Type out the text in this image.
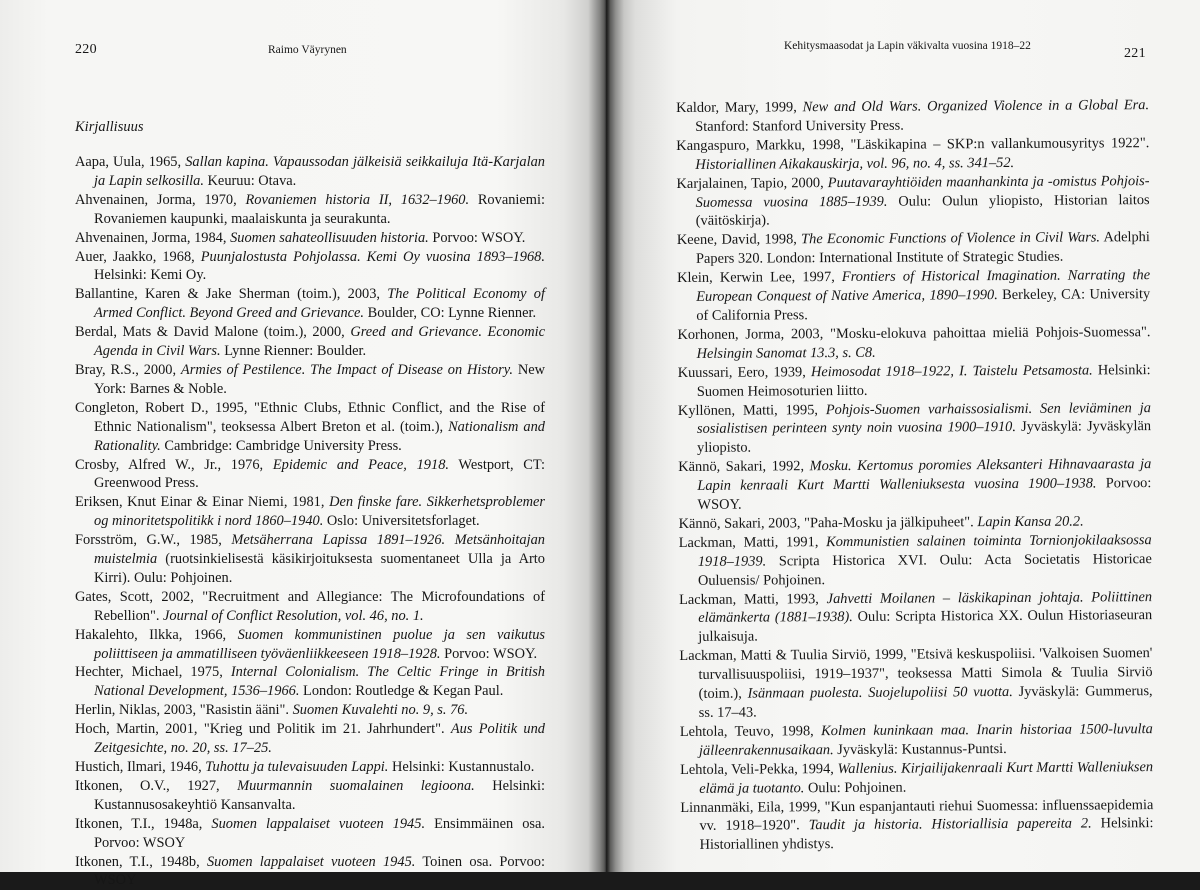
220	Raimo Väyrynen
Kirjallisuus

Aapa, Uula, 1965, Sallan kapina. Vapaussodan jälkeisiä seikkailuja Itä-Karjalan ja Lapin selkosilla. Keuruu: Otava.

Ahvenainen, Jorma, 1970, Rovaniemen historia II, 1632–1960. Rovaniemi: Rovaniemen kaupunki, maalaiskunta ja seurakunta.

Ahvenainen, Jorma, 1984, Suomen sahateollisuuden historia. Porvoo: WSOY.

Auer, Jaakko, 1968, Puunjalostusta Pohjolassa. Kemi Oy vuosina 1893–1968. Helsinki: Kemi Oy.

Ballantine, Karen & Jake Sherman (toim.), 2003, The Political Economy of Armed Conflict. Beyond Greed and Grievance. Boulder, CO: Lynne Rienner.

Berdal, Mats & David Malone (toim.), 2000, Greed and Grievance. Economic Agenda in Civil Wars. Lynne Rienner: Boulder.

Bray, R.S., 2000, Armies of Pestilence. The Impact of Disease on History. New York: Barnes & Noble.

Congleton, Robert D., 1995, "Ethnic Clubs, Ethnic Conflict, and the Rise of Ethnic Nationalism", teoksessa Albert Breton et al. (toim.), Nationalism and Rationality. Cambridge: Cambridge University Press.

Crosby, Alfred W., Jr., 1976, Epidemic and Peace, 1918. Westport, CT: Greenwood Press.

Eriksen, Knut Einar & Einar Niemi, 1981, Den finske fare. Sikkerhetsproblemer og minoritetspolitikk i nord 1860–1940. Oslo: Universitetsforlaget.

Forsström, G.W., 1985, Metsäherrana Lapissa 1891–1926. Metsänhoitajan muistelmia (ruotsinkielisestä käsikirjoituksesta suomentaneet Ulla ja Arto Kirri). Oulu: Pohjoinen.

Gates, Scott, 2002, "Recruitment and Allegiance: The Microfoundations of Rebellion". Journal of Conflict Resolution, vol. 46, no. 1.

Hakalehto, Ilkka, 1966, Suomen kommunistinen puolue ja sen vaikutus poliittiseen ja ammatilliseen työväenliikkeeseen 1918–1928. Porvoo: WSOY.

Hechter, Michael, 1975, Internal Colonialism. The Celtic Fringe in British National Development, 1536–1966. London: Routledge & Kegan Paul.

Herlin, Niklas, 2003, "Rasistin ääni". Suomen Kuvalehti no. 9, s. 76.

Hoch, Martin, 2001, "Krieg und Politik im 21. Jahrhundert". Aus Politik und Zeitgesichte, no. 20, ss. 17–25.

Hustich, Ilmari, 1946, Tuhottu ja tulevaisuuden Lappi. Helsinki: Kustannustalo.

Itkonen, O.V., 1927, Muurmannin suomalainen legioona. Helsinki: Kustannusosakeyhtiö Kansanvalta.

Itkonen, T.I., 1948a, Suomen lappalaiset vuoteen 1945. Ensimmäinen osa. Porvoo: WSOY

Itkonen, T.I., 1948b, Suomen lappalaiset vuoteen 1945. Toinen osa. Porvoo: WSOY

Kehitysmaasodat ja Lapin väkivalta vuosina 1918–22	221

Kaldor, Mary, 1999, New and Old Wars. Organized Violence in a Global Era. Stanford: Stanford University Press.

Kangaspuro, Markku, 1998, "Läskikapina – SKP:n vallankumousyritys 1922". Historiallinen Aikakauskirja, vol. 96, no. 4, ss. 341–52.

Karjalainen, Tapio, 2000, Puutavarayhtiöiden maanhankinta ja -omistus Pohjois-Suomessa vuosina 1885–1939. Oulu: Oulun yliopisto, Historian laitos (väitöskirja).

Keene, David, 1998, The Economic Functions of Violence in Civil Wars. Adelphi Papers 320. London: International Institute of Strategic Studies.

Klein, Kerwin Lee, 1997, Frontiers of Historical Imagination. Narrating the European Conquest of Native America, 1890–1990. Berkeley, CA: University of California Press.

Korhonen, Jorma, 2003, "Mosku-elokuva pahoittaa mieliä Pohjois-Suomessa". Helsingin Sanomat 13.3, s. C8.

Kuussari, Eero, 1939, Heimosodat 1918–1922, I. Taistelu Petsamosta. Helsinki: Suomen Heimosoturien liitto.

Kyllönen, Matti, 1995, Pohjois-Suomen varhaissosialismi. Sen leviäminen ja sosialistisen perinteen synty noin vuosina 1900–1910. Jyväskylä: Jyväskylän yliopisto.

Kännö, Sakari, 1992, Mosku. Kertomus poromies Aleksanteri Hihnavaarasta ja Lapin kenraali Kurt Martti Walleniuksesta vuosina 1900–1938. Porvoo: WSOY.

Kännö, Sakari, 2003, "Paha-Mosku ja jälkipuheet". Lapin Kansa 20.2.

Lackman, Matti, 1991, Kommunistien salainen toiminta Tornionjokilaaksossa 1918–1939. Scripta Historica XVI. Oulu: Acta Societatis Historicae Ouluensis/ Pohjoinen.

Lackman, Matti, 1993, Jahvetti Moilanen – läskikapinan johtaja. Poliittinen elämänkerta (1881–1938). Oulu: Scripta Historica XX. Oulun Historiaseuran julkaisuja.

Lackman, Matti & Tuulia Sirviö, 1999, "Etsivä keskuspoliisi. 'Valkoisen Suomen' turvallisuuspoliisi, 1919–1937", teoksessa Matti Simola & Tuulia Sirviö (toim.), Isänmaan puolesta. Suojelupoliisi 50 vuotta. Jyväskylä: Gummerus, ss. 17–43.

Lehtola, Teuvo, 1998, Kolmen kuninkaan maa. Inarin historiaa 1500-luvulta jälleenrakennusaikaan. Jyväskylä: Kustannus-Puntsi.

Lehtola, Veli-Pekka, 1994, Wallenius. Kirjailijakenraali Kurt Martti Walleniuksen elämä ja tuotanto. Oulu: Pohjoinen.

Linnanmäki, Eila, 1999, "Kun espanjantauti riehui Suomessa: influenssaepidemia vv. 1918–1920". Taudit ja historia. Historiallisia papereita 2. Helsinki: Historiallinen yhdistys.
